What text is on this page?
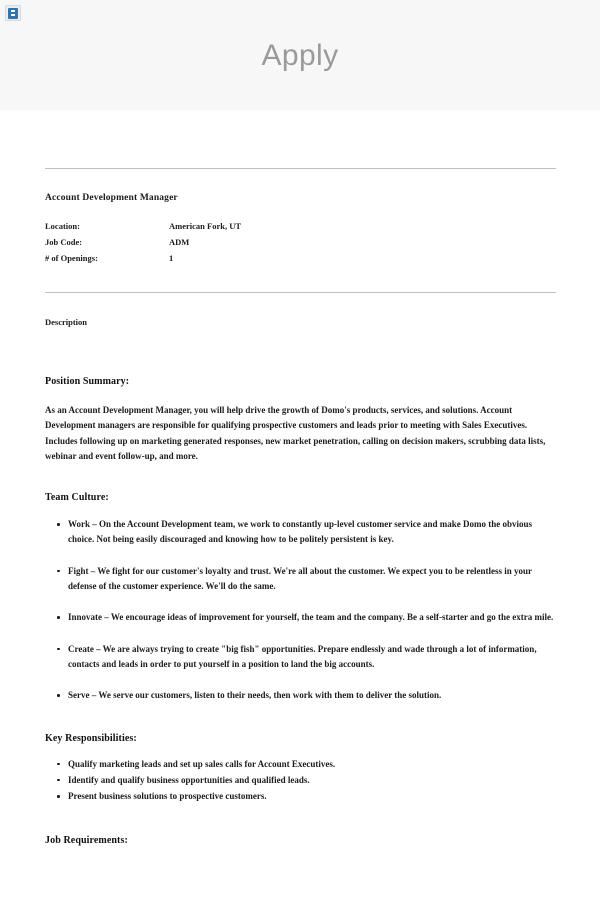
Apply
Account Development Manager
Location:	American Fork, UT
Job Code:	ADM
# of Openings:	1
Description
Position Summary:

As an Account Development Manager, you will help drive the growth of Domo's products, services, and solutions. Account Development managers are responsible for qualifying prospective customers and leads prior to meeting with Sales Executives. Includes following up on marketing generated responses, new market penetration, calling on decision makers, scrubbing data lists, webinar and event follow-up, and more.

Team Culture:
Work – On the Account Development team, we work to constantly up-level customer service and make Domo the obvious choice. Not being easily discouraged and knowing how to be politely persistent is key.
Fight – We fight for our customer's loyalty and trust. We're all about the customer. We expect you to be relentless in your defense of the customer experience. We'll do the same.
Innovate – We encourage ideas of improvement for yourself, the team and the company. Be a self-starter and go the extra mile.
Create – We are always trying to create "big fish" opportunities. Prepare endlessly and wade through a lot of information, contacts and leads in order to put yourself in a position to land the big accounts.
Serve – We serve our customers, listen to their needs, then work with them to deliver the solution.
Key Responsibilities:
Qualify marketing leads and set up sales calls for Account Executives.
Identify and qualify business opportunities and qualified leads.
Present business solutions to prospective customers.
Job Requirements:
